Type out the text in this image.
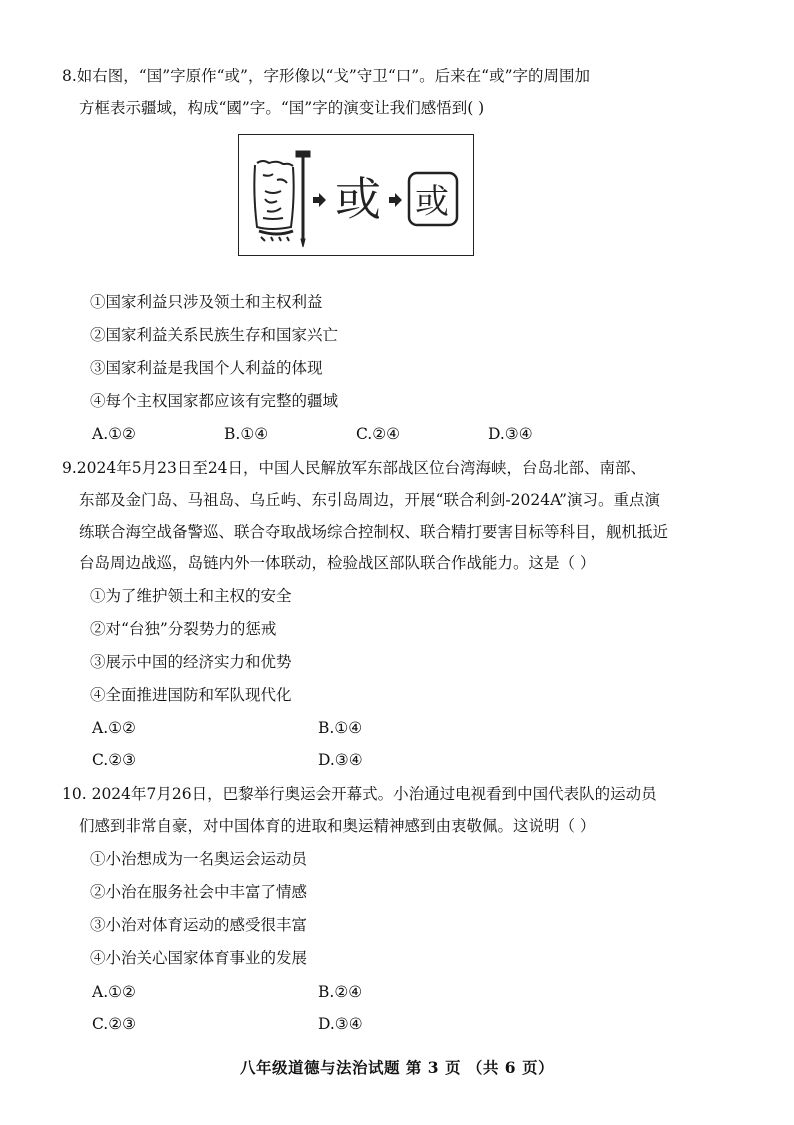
8.如右图，“国”字原作“或”，字形像以“戈”守卫“口”。后来在“或”字的周围加
方框表示疆域，构成“國”字。“国”字的演变让我们感悟到( )
或 或
①国家利益只涉及领土和主权利益
②国家利益关系民族生存和国家兴亡
③国家利益是我国个人利益的体现
④每个主权国家都应该有完整的疆域
A.①②	B.①④	C.②④	D.③④
9.2024年5月23日至24日，中国人民解放军东部战区位台湾海峡，台岛北部、南部、
东部及金门岛、马祖岛、乌丘屿、东引岛周边，开展“联合利剑-2024A”演习。重点演
练联合海空战备警巡、联合夺取战场综合控制权、联合精打要害目标等科目，舰机抵近
台岛周边战巡，岛链内外一体联动，检验战区部队联合作战能力。这是（ ）
①为了维护领土和主权的安全
②对“台独”分裂势力的惩戒
③展示中国的经济实力和优势
④全面推进国防和军队现代化
A.①②	B.①④
C.②③	D.③④
10. 2024年7月26日，巴黎举行奥运会开幕式。小治通过电视看到中国代表队的运动员
们感到非常自豪，对中国体育的进取和奥运精神感到由衷敬佩。这说明（ ）
①小治想成为一名奥运会运动员
②小治在服务社会中丰富了情感
③小治对体育运动的感受很丰富
④小治关心国家体育事业的发展
A.①②	B.②④
C.②③	D.③④
八年级道德与法治试题 第 3 页 （共 6 页）
